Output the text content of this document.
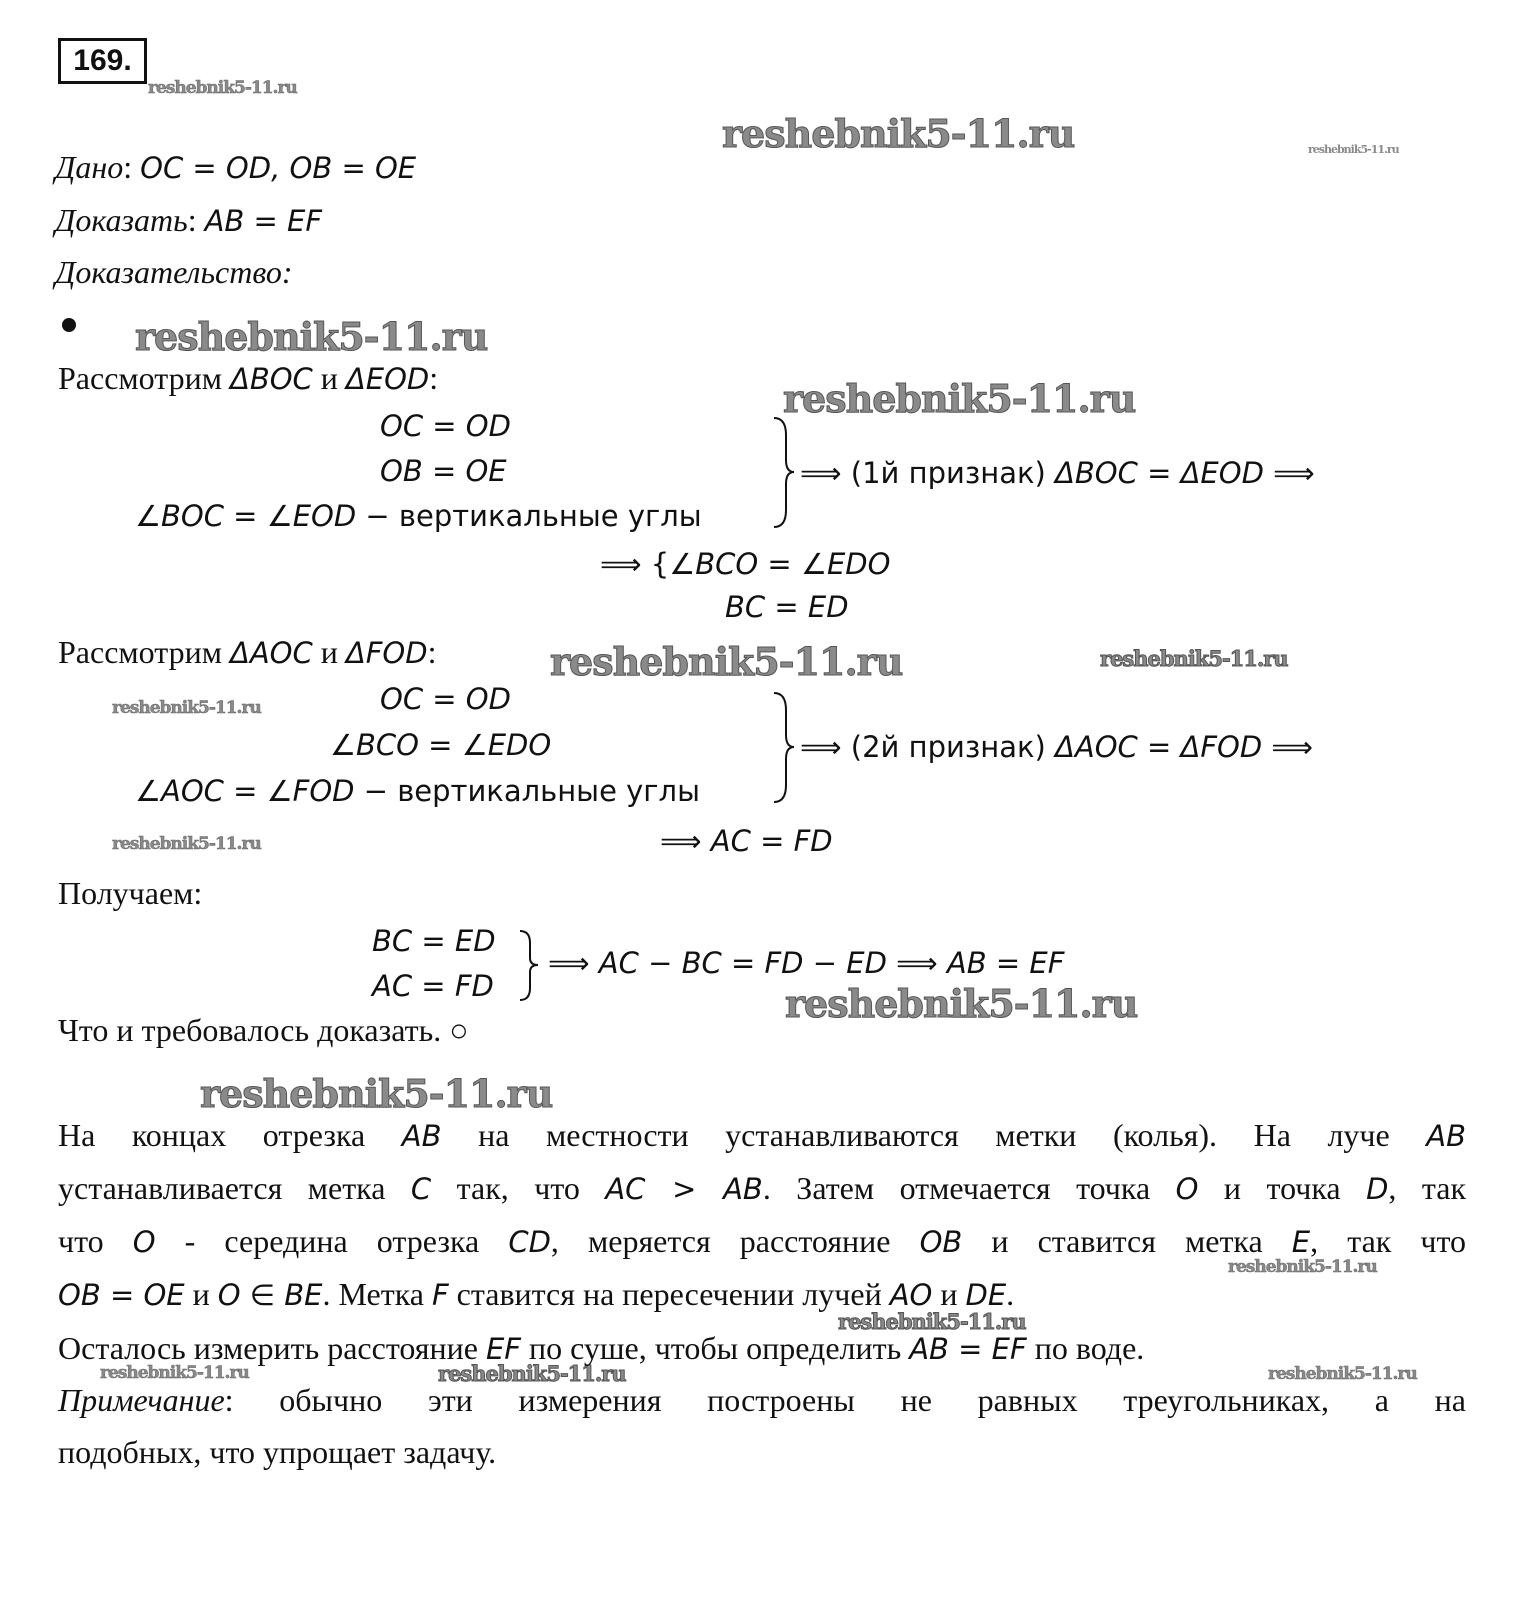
169.
reshebnik5-11.ru
reshebnik5-11.ru	reshebnik5-11.ru
reshebnik5-11.ru
reshebnik5-11.ru
reshebnik5-11.ru	reshebnik5-11.ru
reshebnik5-11.ru
reshebnik5-11.ru
reshebnik5-11.ru
reshebnik5-11.ru
reshebnik5-11.ru
reshebnik5-11.ru
reshebnik5-11.ru	reshebnik5-11.ru	reshebnik5-11.ru
Дано: OC = OD, OB = OE
Доказать: AB = EF
Доказательство:
Рассмотрим ΔBOC и ΔEOD:
OC = OD
OB = OE
∠BOC = ∠EOD − вертикальные углы
⟹ (1й признак) ΔBOC = ΔEOD ⟹
⟹ {∠BCO = ∠EDO
BC = ED
Рассмотрим ΔAOC и ΔFOD:
OC = OD
∠BCO = ∠EDO
∠AOC = ∠FOD − вертикальные углы
⟹ (2й признак) ΔAOC = ΔFOD ⟹
⟹ AC = FD
Получаем:
BC = ED
AC = FD
⟹ AC − BC = FD − ED ⟹ AB = EF
Что и требовалось доказать. ○
На концах отрезка AB на местности устанавливаются метки (колья). На луче AB
устанавливается метка C так, что AC > AB. Затем отмечается точка O и точка D, так
что O - середина отрезка CD, меряется расстояние OB и ставится метка E, так что
OB = OE и O ∈ BE. Метка F ставится на пересечении лучей AO и DE.
Осталось измерить расстояние EF по суше, чтобы определить AB = EF по воде.
Примечание: обычно эти измерения построены не равных треугольниках, а на
подобных, что упрощает задачу.
